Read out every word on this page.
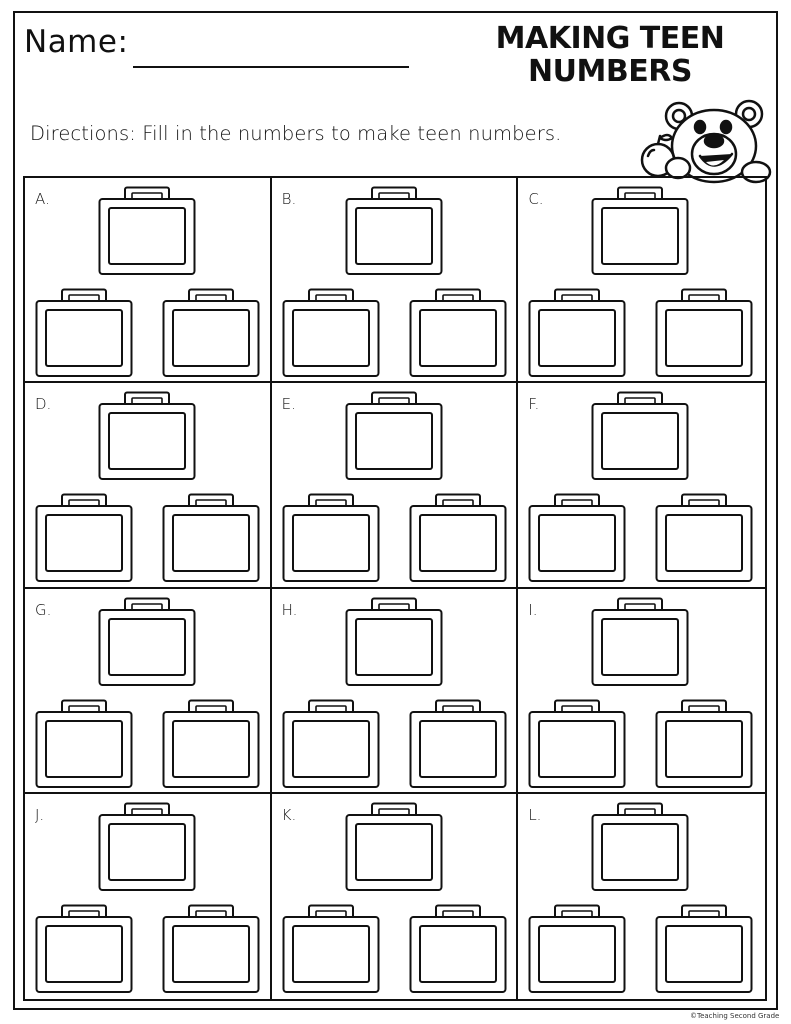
Name:	MAKING TEEN
NUMBERS
Directions: Fill in the numbers to make teen numbers.
A.	B.	C.
D.	E.	F.
G.	H.	I.
J.	K.	L.
©Teaching Second Grade
